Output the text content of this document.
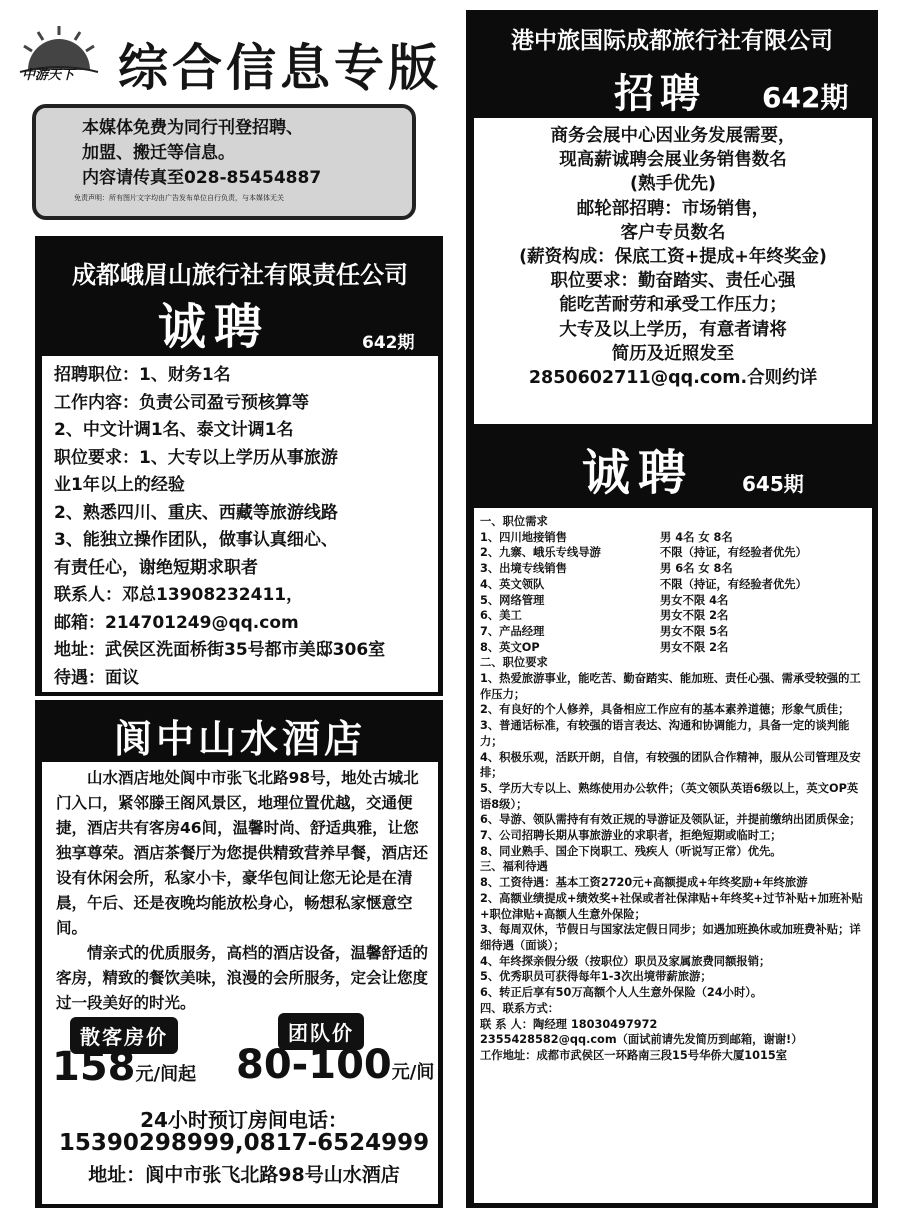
中游天下 综合信息专版
本媒体免费为同行刊登招聘、
加盟、搬迁等信息。
内容请传真至028-85454887
免责声明：所有图片文字均由广告发布单位自行负责，与本媒体无关
成都峨眉山旅行社有限责任公司
诚聘	642期
招聘职位：1、财务1名
工作内容：负责公司盈亏预核算等
2、中文计调1名、泰文计调1名
职位要求：1、大专以上学历从事旅游
业1年以上的经验
2、熟悉四川、重庆、西藏等旅游线路
3、能独立操作团队，做事认真细心、
有责任心，谢绝短期求职者
联系人：邓总13908232411，
邮箱：214701249@qq.com
地址：武侯区洗面桥街35号都市美邸306室
待遇：面议
阆中山水酒店

山水酒店地处阆中市张飞北路98号，地处古城北门入口，紧邻滕王阁风景区，地理位置优越，交通便捷，酒店共有客房46间，温馨时尚、舒适典雅，让您独享尊荣。酒店茶餐厅为您提供精致营养早餐，酒店还设有休闲会所，私家小卡，豪华包间让您无论是在清晨，午后、还是夜晚均能放松身心，畅想私家惬意空间。

情亲式的优质服务，高档的酒店设备，温馨舒适的客房，精致的餐饮美味，浪漫的会所服务，定会让您度过一段美好的时光。

散客房价	团队价
158元/间起 80-100元/间
24小时预订房间电话：
15390298999,0817-6524999
地址：阆中市张飞北路98号山水酒店
港中旅国际成都旅行社有限公司
招聘 642期
商务会展中心因业务发展需要，
现高薪诚聘会展业务销售数名
(熟手优先)
邮轮部招聘：市场销售，
客户专员数名
(薪资构成：保底工资+提成+年终奖金)
职位要求：勤奋踏实、责任心强
能吃苦耐劳和承受工作压力；
大专及以上学历，有意者请将
简历及近照发至
2850602711@qq.com.合则约详
诚聘 645期
一、职位需求
1、四川地接销售	男 4名 女 8名
2、九寨、峨乐专线导游	不限（持证，有经验者优先）
3、出境专线销售	男 6名 女 8名
4、英文领队	不限（持证，有经验者优先）
5、网络管理	男女不限 4名
6、美工	男女不限 2名
7、产品经理	男女不限 5名
8、英文OP	男女不限 2名
二、职位要求
1、热爱旅游事业，能吃苦、勤奋踏实、能加班、责任心强、需承受较强的工作压力；
2、有良好的个人修养，具备相应工作应有的基本素养道德；形象气质佳；
3、普通话标准，有较强的语言表达、沟通和协调能力，具备一定的谈判能力；
4、积极乐观，活跃开朗，自信，有较强的团队合作精神，服从公司管理及安排；
5、学历大专以上、熟练使用办公软件；（英文领队英语6级以上，英文OP英语8级）；
6、导游、领队需持有有效正规的导游证及领队证，并提前缴纳出团质保金；
7、公司招聘长期从事旅游业的求职者，拒绝短期或临时工；
8、同业熟手、国企下岗职工、残疾人（听说写正常）优先。
三、福利待遇
8、工资待遇：基本工资2720元+高额提成+年终奖励+年终旅游
2、高额业绩提成+绩效奖+社保或者社保津贴+年终奖+过节补贴+加班补贴+职位津贴+高额人生意外保险；
3、每周双休，节假日与国家法定假日同步；如遇加班换休或加班费补贴；详细待遇（面谈）；
4、年终探亲假分级（按职位）职员及家属旅费同额报销；
5、优秀职员可获得每年1-3次出境带薪旅游；
6、转正后享有50万高额个人人生意外保险（24小时）。
四、联系方式：
联 系 人：陶经理 18030497972
2355428582@qq.com（面试前请先发简历到邮箱，谢谢!）
工作地址：成都市武侯区一环路南三段15号华侨大厦1015室
